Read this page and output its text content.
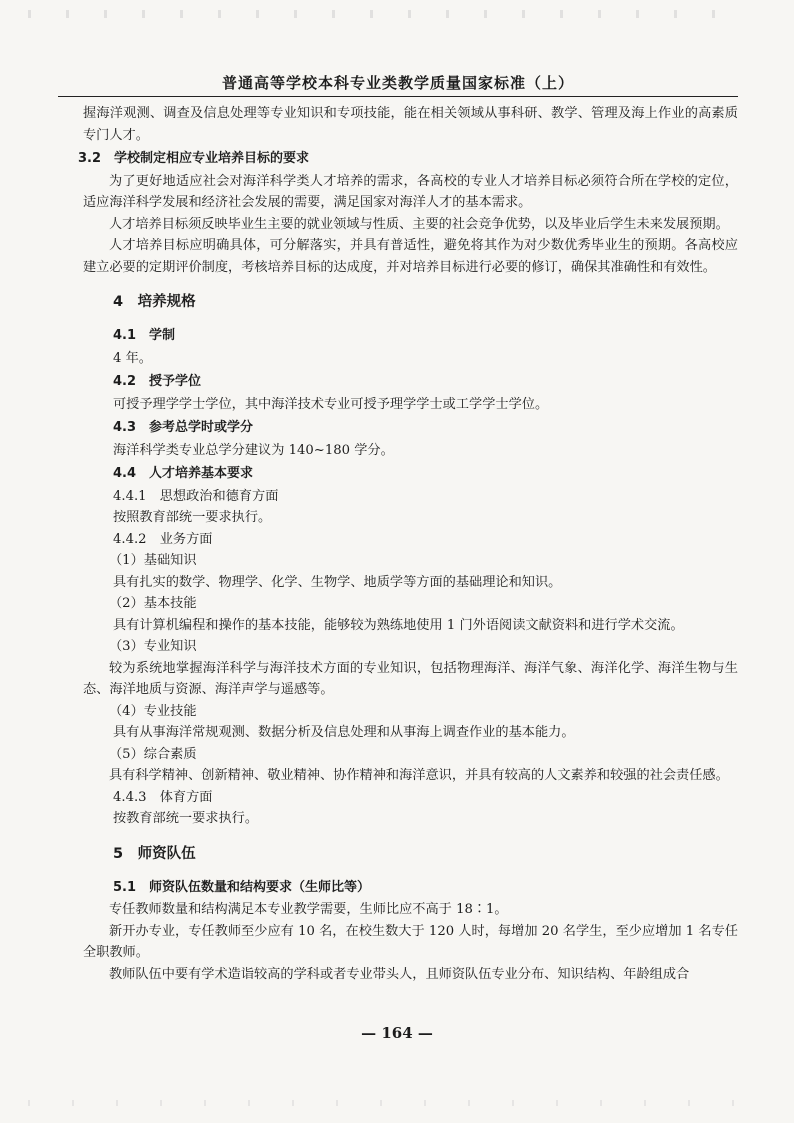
普通高等学校本科专业类教学质量国家标准（上）

握海洋观测、调查及信息处理等专业知识和专项技能，能在相关领域从事科研、教学、管理及海上作业的高素质专门人才。

3.2　学校制定相应专业培养目标的要求

为了更好地适应社会对海洋科学类人才培养的需求，各高校的专业人才培养目标必须符合所在学校的定位，适应海洋科学发展和经济社会发展的需要，满足国家对海洋人才的基本需求。

人才培养目标须反映毕业生主要的就业领域与性质、主要的社会竞争优势，以及毕业后学生未来发展预期。

人才培养目标应明确具体，可分解落实，并具有普适性，避免将其作为对少数优秀毕业生的预期。各高校应建立必要的定期评价制度，考核培养目标的达成度，并对培养目标进行必要的修订，确保其准确性和有效性。

4　培养规格
4.1　学制

4 年。

4.2　授予学位

可授予理学学士学位，其中海洋技术专业可授予理学学士或工学学士学位。

4.3　参考总学时或学分

海洋科学类专业总学分建议为 140~180 学分。

4.4　人才培养基本要求

4.4.1　思想政治和德育方面

按照教育部统一要求执行。

4.4.2　业务方面

（1）基础知识

具有扎实的数学、物理学、化学、生物学、地质学等方面的基础理论和知识。

（2）基本技能

具有计算机编程和操作的基本技能，能够较为熟练地使用 1 门外语阅读文献资料和进行学术交流。

（3）专业知识

较为系统地掌握海洋科学与海洋技术方面的专业知识，包括物理海洋、海洋气象、海洋化学、海洋生物与生态、海洋地质与资源、海洋声学与遥感等。

（4）专业技能

具有从事海洋常规观测、数据分析及信息处理和从事海上调查作业的基本能力。

（5）综合素质

具有科学精神、创新精神、敬业精神、协作精神和海洋意识，并具有较高的人文素养和较强的社会责任感。

4.4.3　体育方面

按教育部统一要求执行。

5　师资队伍
5.1　师资队伍数量和结构要求（生师比等）

专任教师数量和结构满足本专业教学需要，生师比应不高于 18∶1。

新开办专业，专任教师至少应有 10 名，在校生数大于 120 人时，每增加 20 名学生，至少应增加 1 名专任全职教师。

教师队伍中要有学术造诣较高的学科或者专业带头人，且师资队伍专业分布、知识结构、年龄组成合

— 164 —
